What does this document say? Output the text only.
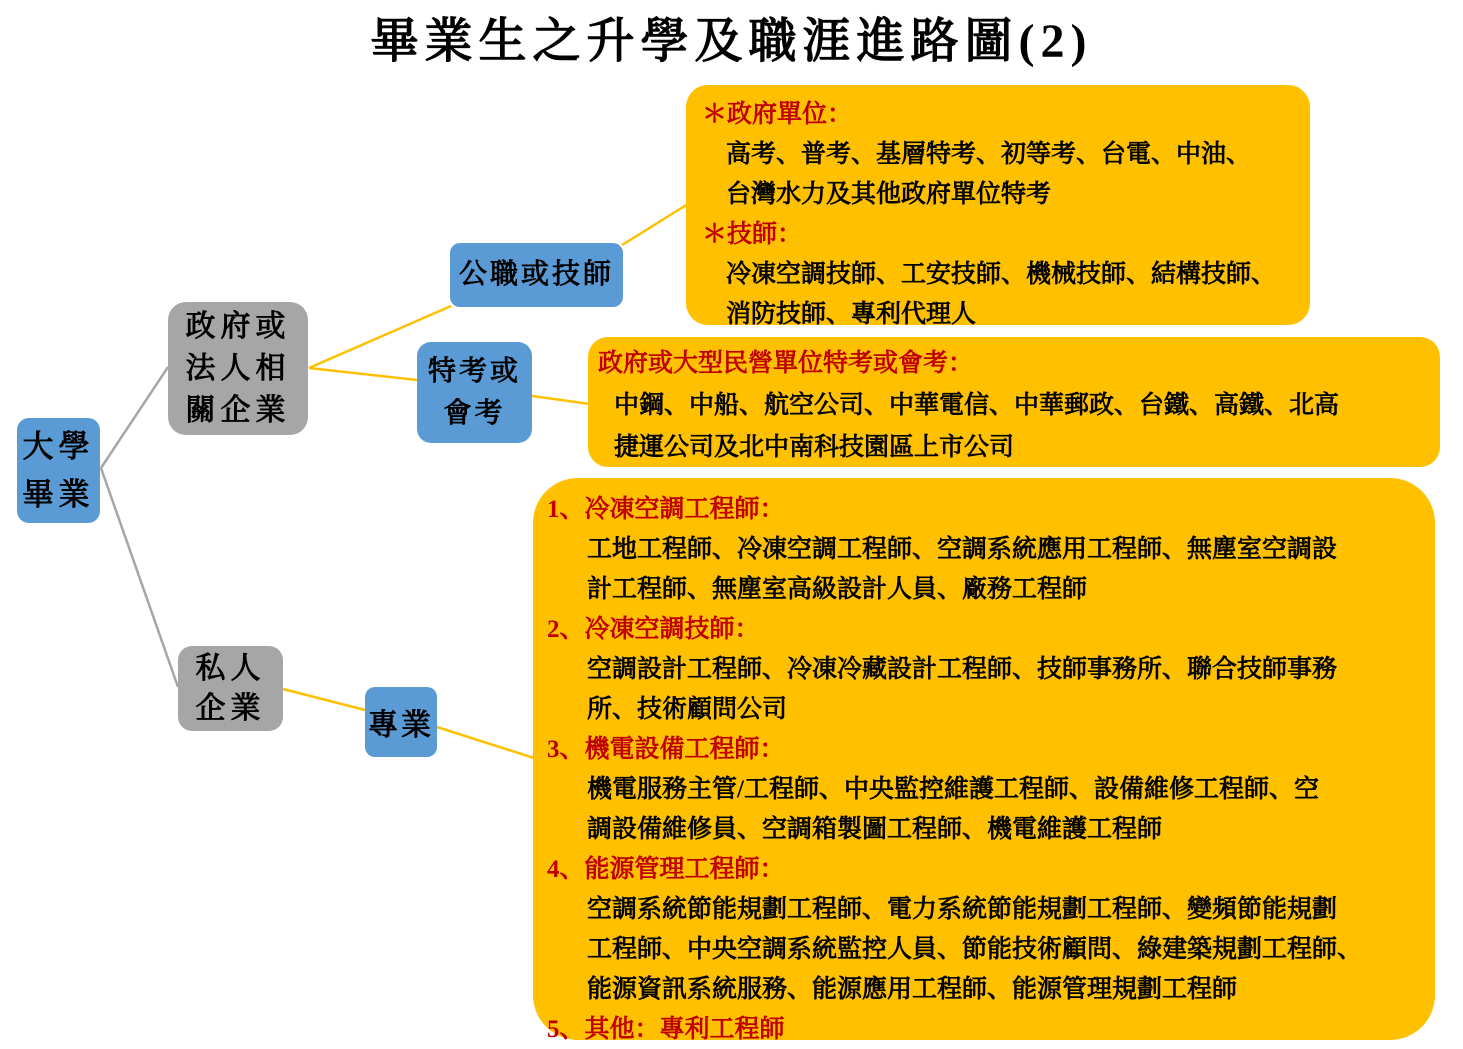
畢業生之升學及職涯進路圖(2)
大學
畢業
政府或
法人相
關企業
公職或技師
特考或
會考
私人
企業
專業
＊政府單位：
高考、普考、基層特考、初等考、台電、中油、
台灣水力及其他政府單位特考
＊技師：
冷凍空調技師、工安技師、機械技師、結構技師、
消防技師、專利代理人
政府或大型民營單位特考或會考：
中鋼、中船、航空公司、中華電信、中華郵政、台鐵、高鐵、北高
捷運公司及北中南科技園區上市公司
1、冷凍空調工程師：
工地工程師、冷凍空調工程師、空調系統應用工程師、無塵室空調設
計工程師、無塵室高級設計人員、廠務工程師
2、冷凍空調技師：
空調設計工程師、冷凍冷藏設計工程師、技師事務所、聯合技師事務
所、技術顧問公司
3、機電設備工程師：
機電服務主管/工程師、中央監控維護工程師、設備維修工程師、空
調設備維修員、空調箱製圖工程師、機電維護工程師
4、能源管理工程師：
空調系統節能規劃工程師、電力系統節能規劃工程師、變頻節能規劃
工程師、中央空調系統監控人員、節能技術顧問、綠建築規劃工程師、
能源資訊系統服務、能源應用工程師、能源管理規劃工程師
5、其他：專利工程師
